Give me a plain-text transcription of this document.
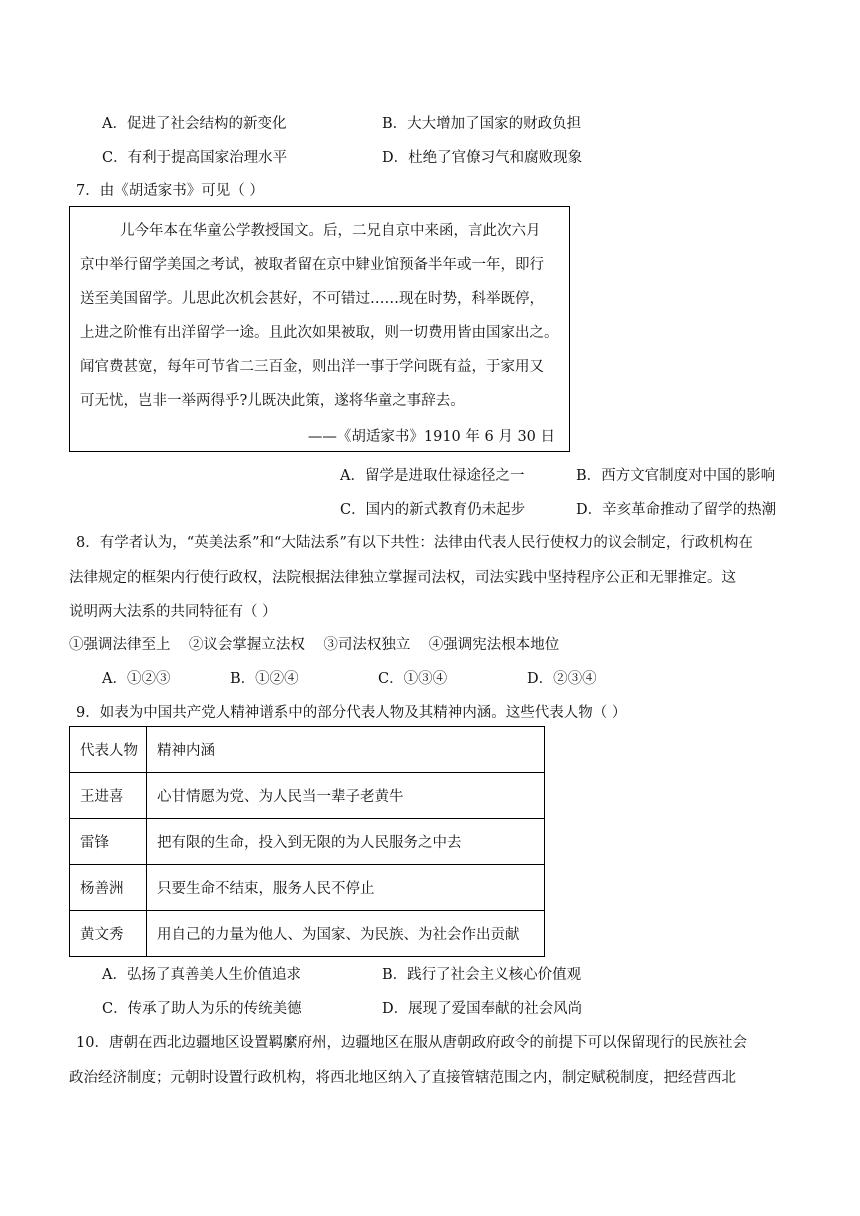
A．促进了社会结构的新变化	B．大大增加了国家的财政负担
C．有利于提高国家治理水平	D．杜绝了官僚习气和腐败现象
7．由《胡适家书》可见（ ）
儿今年本在华童公学教授国文。后，二兄自京中来函，言此次六月
京中举行留学美国之考试，被取者留在京中肄业馆预备半年或一年，即行
送至美国留学。儿思此次机会甚好，不可错过……现在时势，科举既停，
上进之阶惟有出洋留学一途。且此次如果被取，则一切费用皆由国家出之。
闻官费甚宽，每年可节省二三百金，则出洋一事于学问既有益，于家用又
可无忧，岂非一举两得乎?儿既决此策，遂将华童之事辞去。
——《胡适家书》1910 年 6 月 30 日
A．留学是进取仕禄途径之一	B．西方文官制度对中国的影响
C．国内的新式教育仍未起步	D．辛亥革命推动了留学的热潮
8．有学者认为，“英美法系”和“大陆法系”有以下共性：法律由代表人民行使权力的议会制定，行政机构在
法律规定的框架内行使行政权，法院根据法律独立掌握司法权，司法实践中坚持程序公正和无罪推定。这
说明两大法系的共同特征有（ ）
①强调法律至上    ②议会掌握立法权    ③司法权独立    ④强调宪法根本地位
A．①②③	B．①②④	C．①③④	D．②③④
9．如表为中国共产党人精神谱系中的部分代表人物及其精神内涵。这些代表人物（ ）
代表人物	精神内涵
王进喜	心甘情愿为党、为人民当一辈子老黄牛
雷锋	把有限的生命，投入到无限的为人民服务之中去
杨善洲	只要生命不结束，服务人民不停止
黄文秀	用自己的力量为他人、为国家、为民族、为社会作出贡献
A．弘扬了真善美人生价值追求	B．践行了社会主义核心价值观
C．传承了助人为乐的传统美德	D．展现了爱国奉献的社会风尚
10．唐朝在西北边疆地区设置羁縻府州，边疆地区在服从唐朝政府政令的前提下可以保留现行的民族社会
政治经济制度；元朝时设置行政机构，将西北地区纳入了直接管辖范围之内，制定赋税制度，把经营西北
